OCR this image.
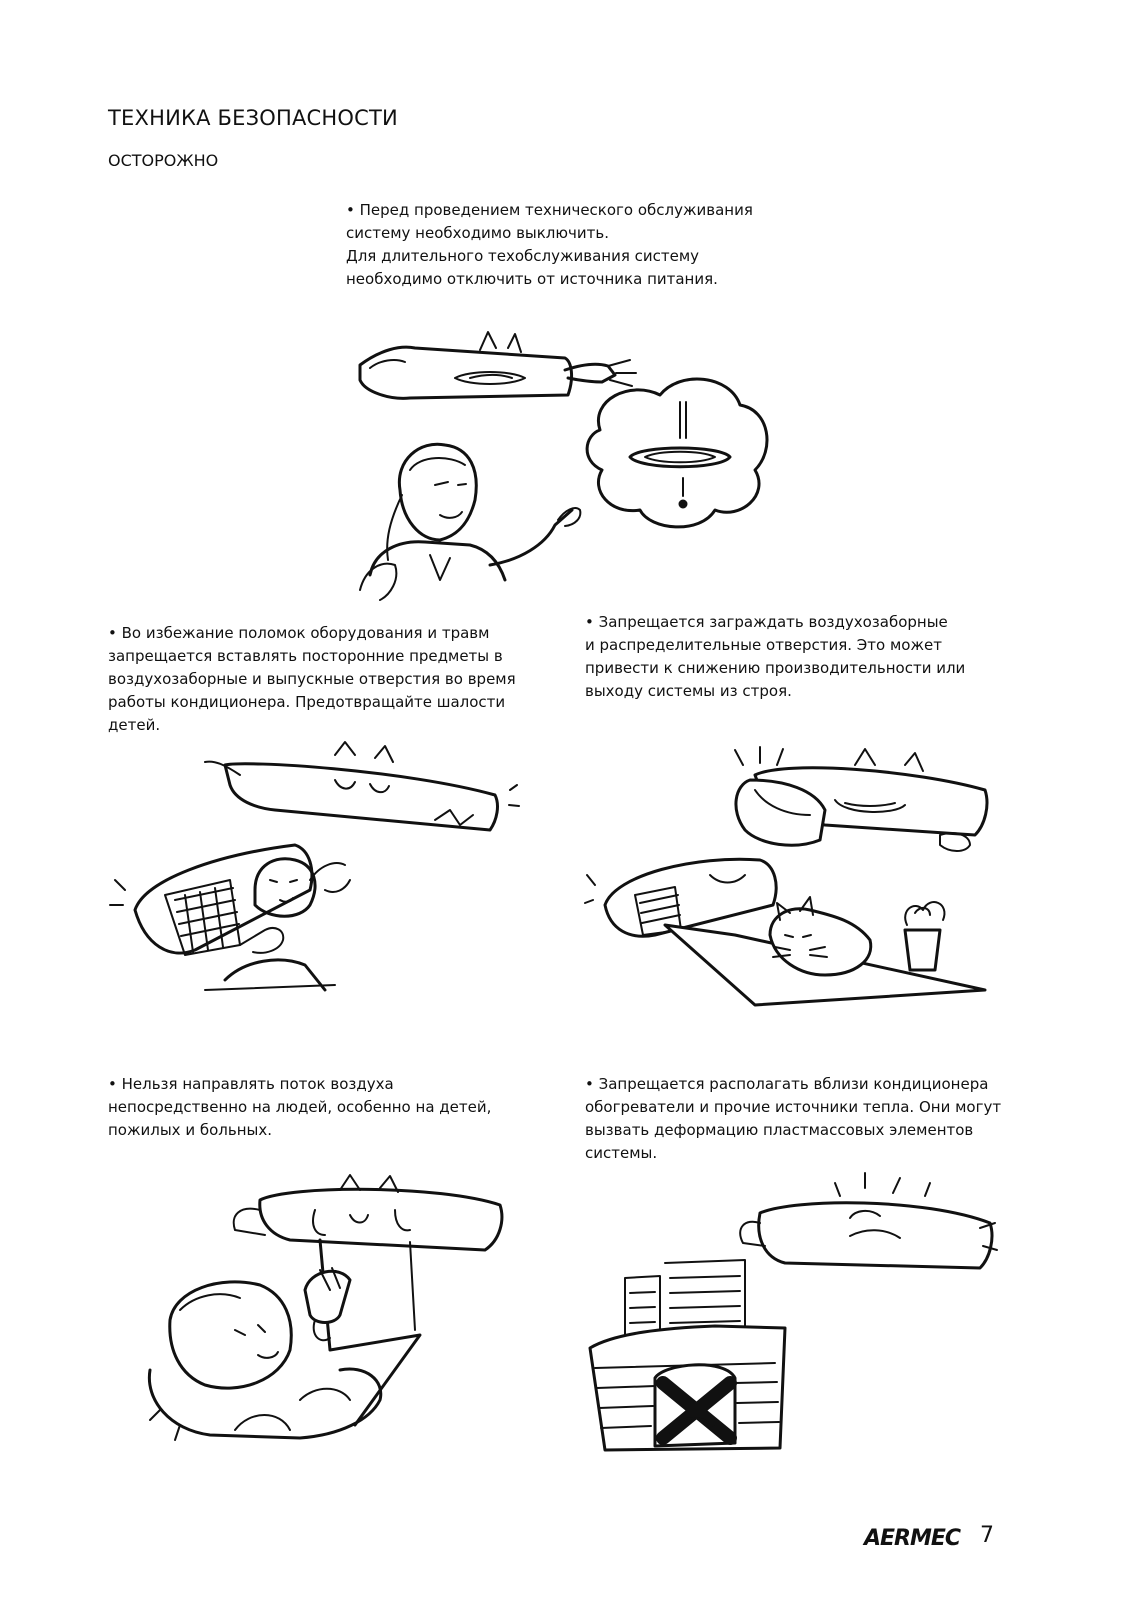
ТЕХНИКА БЕЗОПАСНОСТИ
ОСТОРОЖНО

• Перед проведением технического обслуживания

систему необходимо выключить.

Для длительного техобслуживания систему

необходимо отключить от источника питания.

• Во избежание поломок оборудования и травм

запрещается вставлять посторонние предметы в

воздухозаборные и выпускные отверстия во время

работы кондиционера. Предотвращайте шалости

детей.

• Запрещается заграждать воздухозаборные

и распределительные отверстия. Это может

привести к снижению производительности или

выходу системы из строя.

• Нельзя направлять поток воздуха

непосредственно на людей, особенно на детей,

пожилых и больных.

• Запрещается располагать вблизи кондиционера

обогреватели и прочие источники тепла. Они могут

вызвать деформацию пластмассовых элементов

системы.

AERMEC 7
